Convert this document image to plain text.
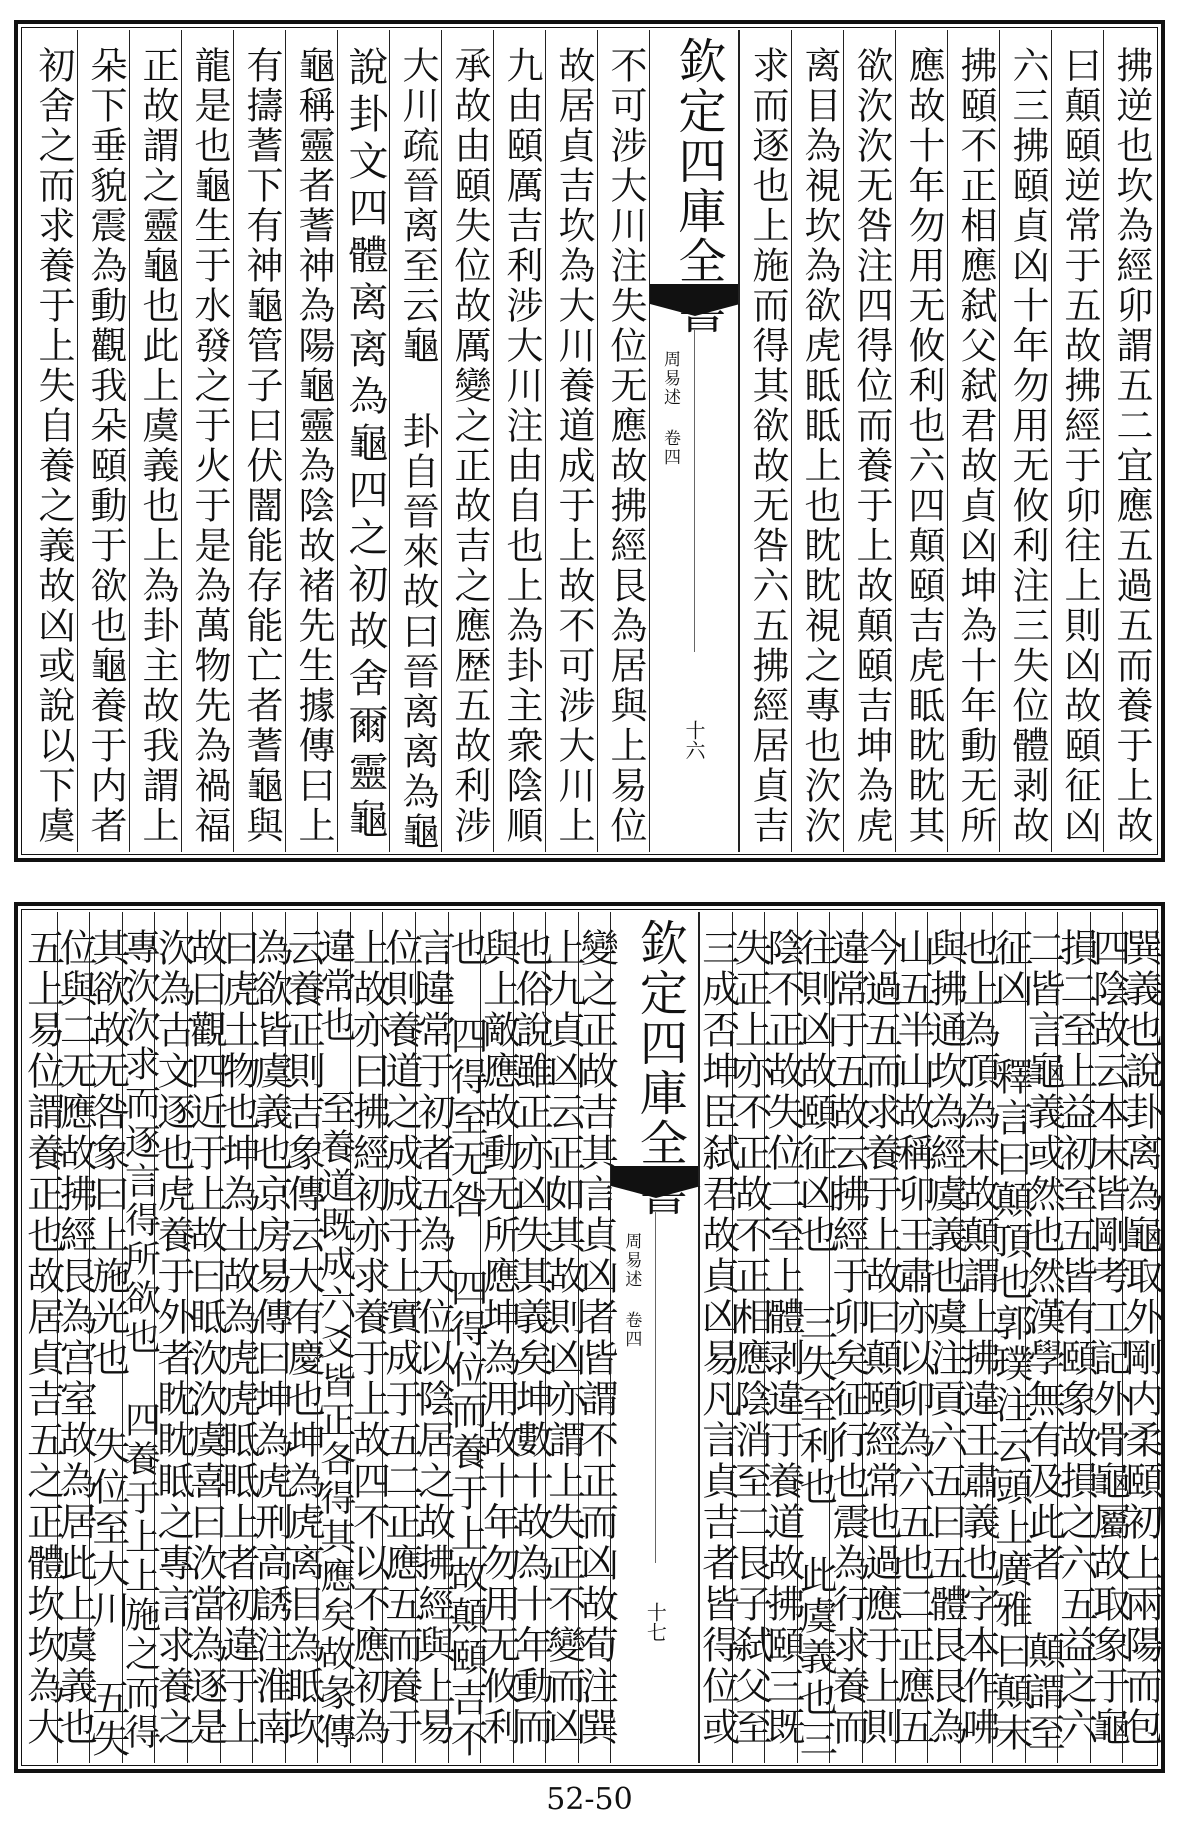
拂逆也坎為經卯謂五二宜應五過五而養于上故
曰顛頤逆常于五故拂經于卯往上則凶故頤征凶
六三拂頤貞凶十年勿用无攸利注三失位體剥故
拂頤不正相應弑父弑君故貞凶坤為十年動无所
應故十年勿用无攸利也六四顛頤吉虎眡眈眈其
欲㳄㳄无咎注四得位而養于上故顛頤吉坤為虎
离目為視坎為欲虎眡眡上也眈眈視之專也㳄㳄
求而逐也上施而得其欲故无咎六五拂經居貞吉
欽定四庫全書
周易述 卷四
十六
不可涉大川注失位无應故拂經艮為居與上易位
故居貞吉坎為大川養道成于上故不可涉大川上
九由頤厲吉利涉大川注由自也上為卦主衆陰順
承故由頤失位故厲變之正故吉之應歴五故利涉
大川疏晉离至云龜 卦自晉來故曰晉离离為龜
說卦文四體离离為龜四之初故舍爾靈龜
龜稱靈者蓍神為陽龜靈為陰故褚先生據傳曰上
有擣蓍下有神龜管子曰伏闇能存能亡者蓍龜與
龍是也龜生于水發之于火于是為萬物先為禍福
正故謂之靈龜也此上虞義也上為卦主故我謂上
朵下垂貌震為動觀我朵頤動于欲也龜養于内者
初舍之而求養于上失自養之義故凶或說以下虞
巽義也說卦离為龜取外剛内柔頤初上兩陽而包
四陰故云本末皆剛考工記外骨龜屬故取象于龜
損二至上益初至五皆有頤象故損之六五益之六
二皆言龜義或然也然漢學無有及此者 顛謂至
征凶 釋言曰顛頂也郭璞注云頭上廣雅曰顛末
也上為頂為末故顛謂上拂違王肅義也字本作咈
與拂通坎為經虞義也虞注貢六五曰五體艮艮為
山五半山故稱卯王肅亦以卯為六五也二正應五
今過五而求養于上故曰顛頤經常也過應于上則
違常于五故云拂經于卯矣征行也震為行求養而
往則凶故頤征凶也 三失至利也 此虞義也三
陰不正故失位二至上體剥違于養道故拂頤三既
失正上亦不正故不正相應陰消至二艮子弑父至
三成否坤臣弑君故貞凶易凡言貞吉者皆得位或
欽定四庫全書
周易述 卷四
十七
變之正故吉其言貞凶者皆謂不正而凶故荀注巽
上九貞凶云正如其故則凶亦謂上失正不變而凶
也俗說雖正亦凶失其義矣坤數十故為十年動而
與上敵應故動无所應坤為用故十年勿用无攸利
也 四得至无咎 四得位而養于上故顛頤吉不
言違常于初者五為天位以陰居之故拂經與上易
位則養道之成成于上實成于五二正應五而養于
上故亦曰拂經初亦求養于上故四不以不應初為
違常也 至養道既成六爻皆正各得其應矣故彖傳
云養正則吉象傳云大有慶也坤為虎离目為眡坎
為欲皆虞義也京房易傳曰坤為虎刑高誘注淮南
曰虎土物也坤為土故為虎虎眡眡上者初違于上
故曰觀四近于上故曰眡㳄㳄虞喜曰㳄當為逐是
㳄為古文逐也虎養于外者眈眈眡之專言求養之
專㳄㳄求而逐言得所欲也 四養于上上施之而得
其欲故无咎象曰上施光也 失位至大川 五失
位與二无應故拂經艮為宫室故為居此上虞義也
五上易位謂養正也故居貞吉五之正體坎坎為大
52-50
